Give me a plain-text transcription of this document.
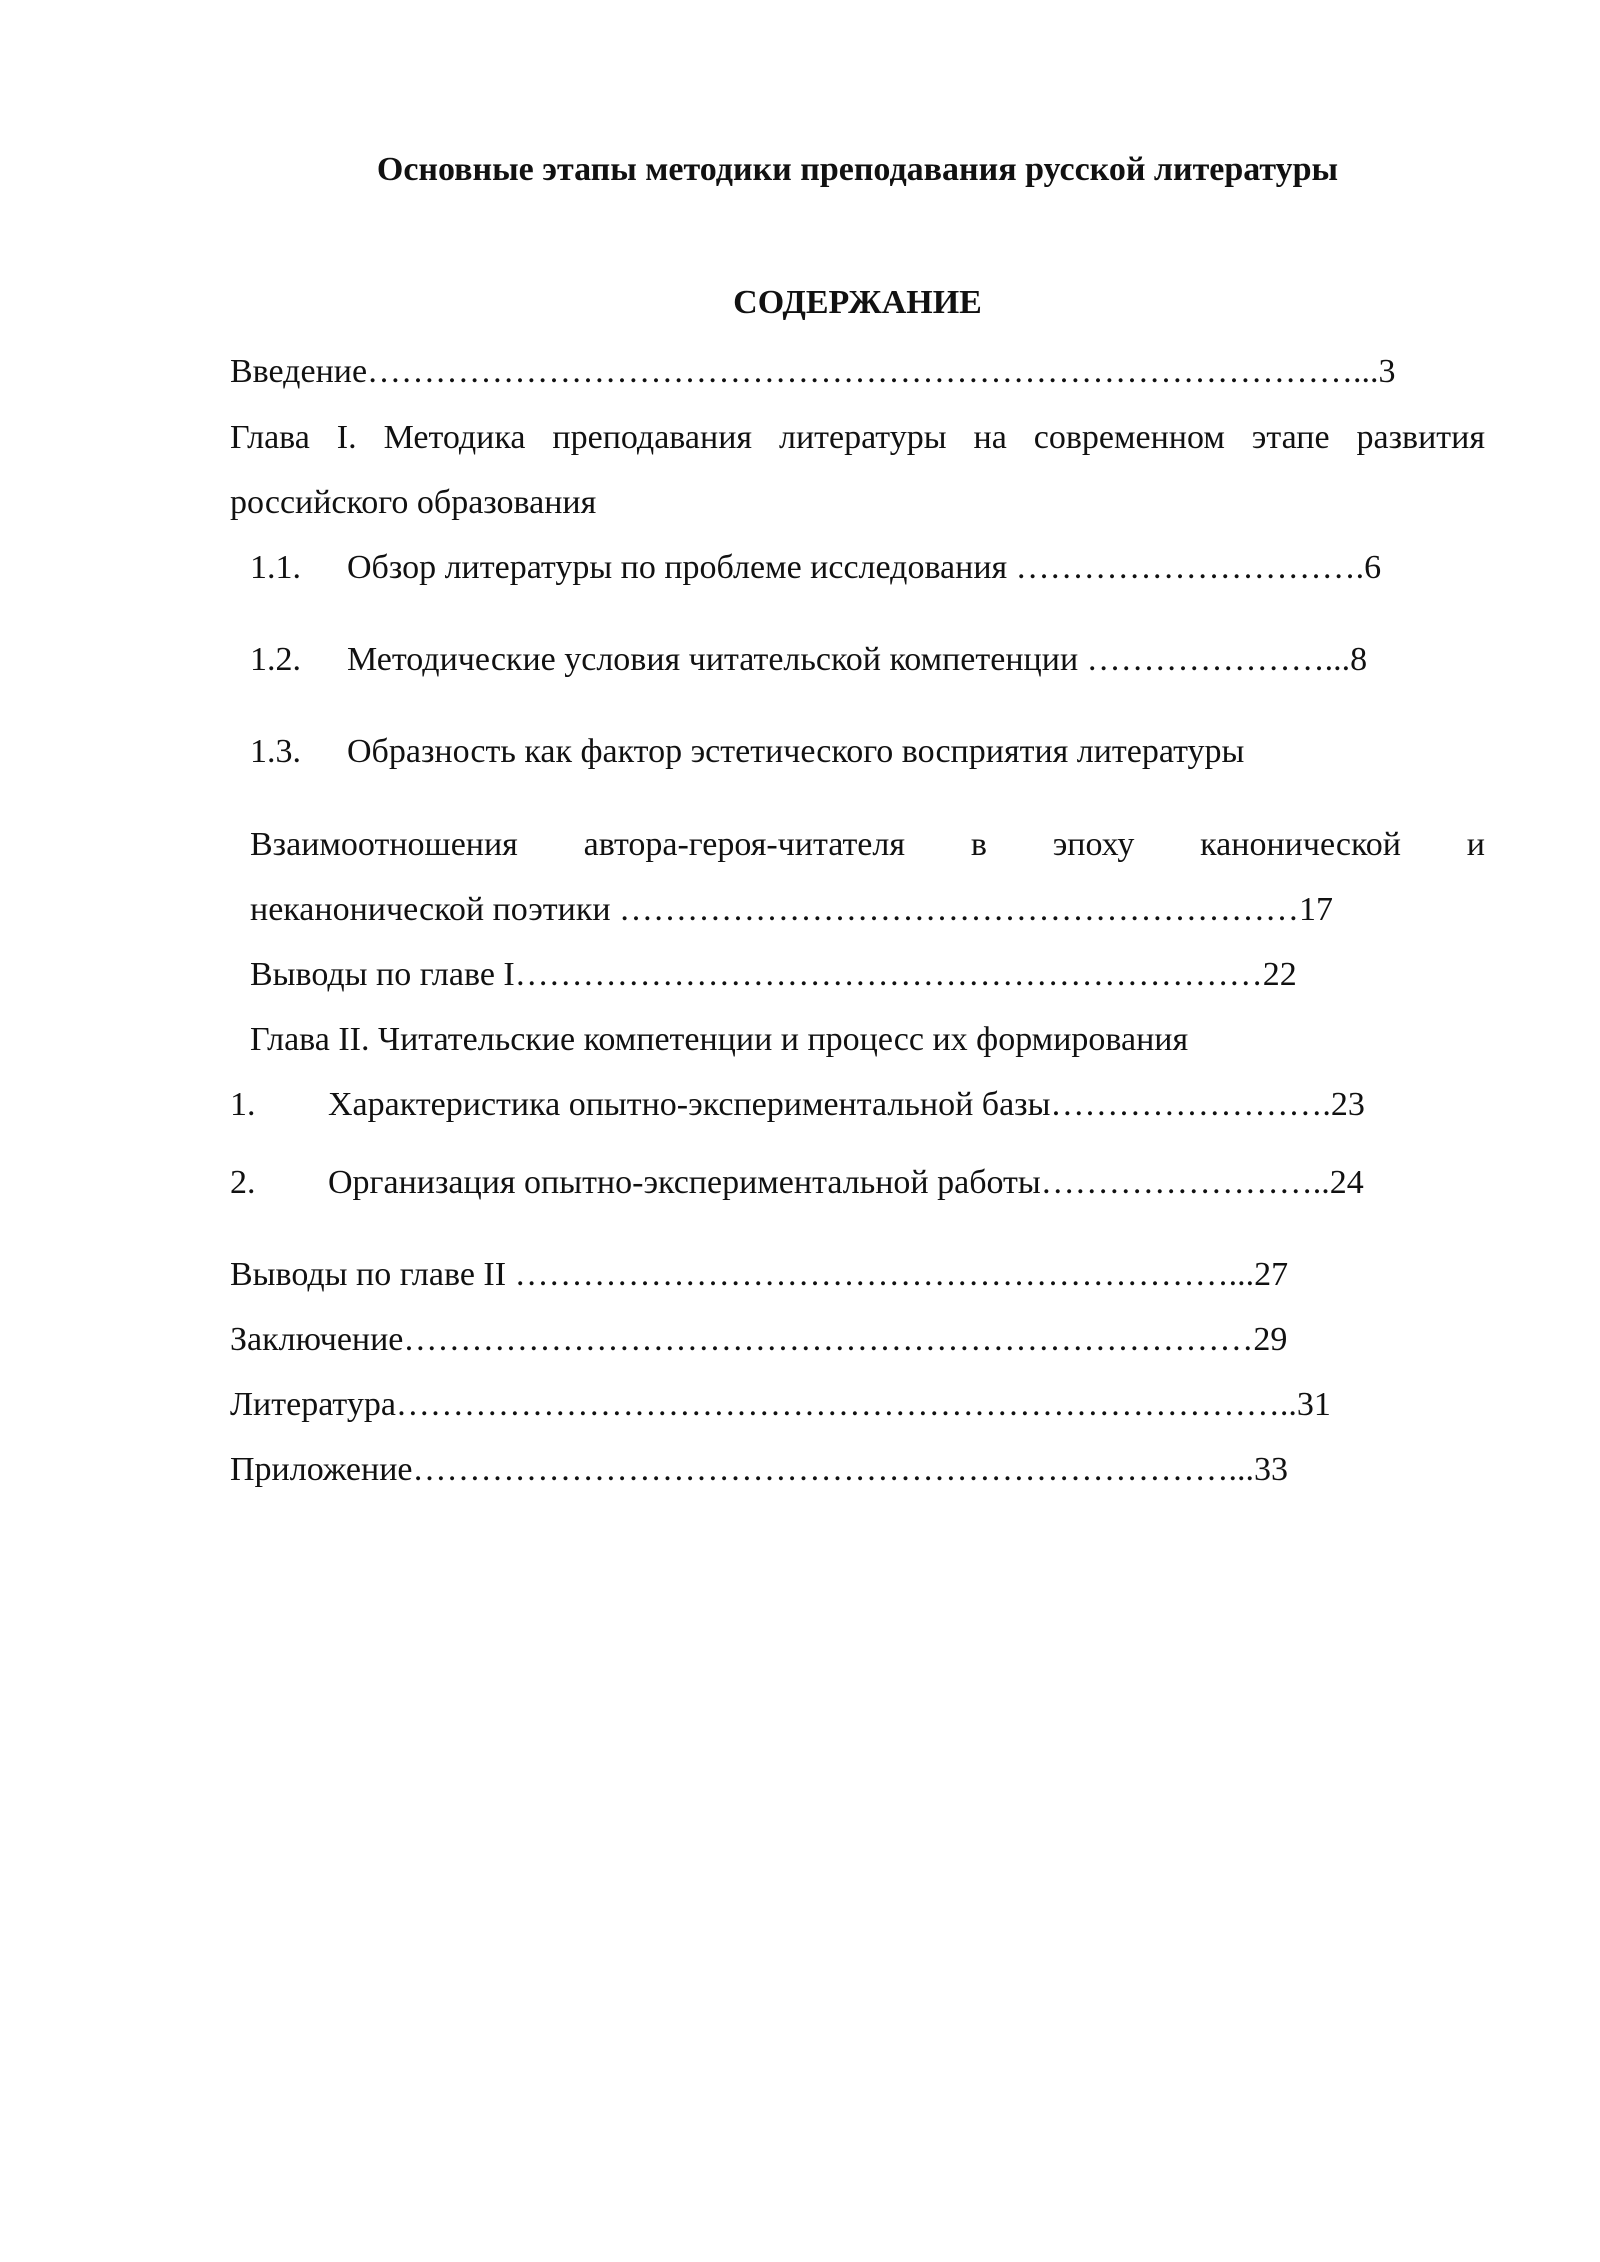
Основные этапы методики преподавания русской литературы
СОДЕРЖАНИЕ
Введение……………………………………………………………………………...3
Глава I. Методика преподавания литературы на современном этапе развития
российского образования
1.1. Обзор литературы по проблеме исследования ………………………….6
1.2. Методические условия читательской компетенции …………………...8
1.3. Образность как фактор эстетического восприятия литературы
Взаимоотношения автора-героя-читателя в эпоху канонической и
неканонической поэтики ……………………………………………………17
Выводы по главе I…………………………………………………………22
Глава II. Читательские компетенции и процесс их формирования
1. Характеристика опытно-экспериментальной базы…………………….23
2. Организация опытно-экспериментальной работы……………………..24
Выводы по главе II ………………………………………………………...27
Заключение…………………………………………………………………29
Литература……………………………………………………………………..31
Приложение………………………………………………………………...33
